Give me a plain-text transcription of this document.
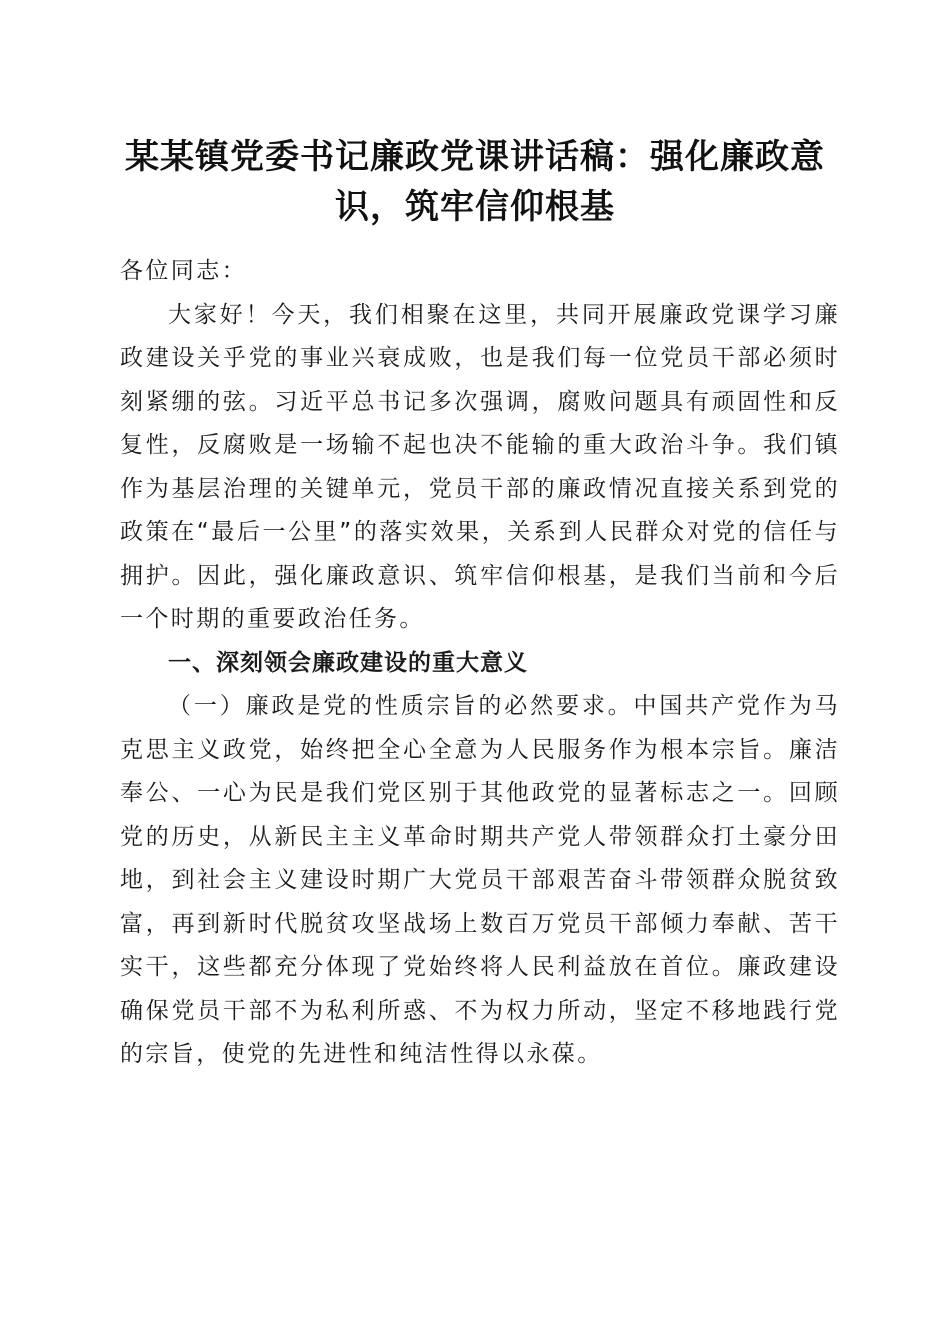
某某镇党委书记廉政党课讲话稿：强化廉政意识，筑牢信仰根基

各位同志：

大家好！今天，我们相聚在这里，共同开展廉政党课学习廉政建设关乎党的事业兴衰成败，也是我们每一位党员干部必须时刻紧绷的弦。习近平总书记多次强调，腐败问题具有顽固性和反复性，反腐败是一场输不起也决不能输的重大政治斗争。我们镇作为基层治理的关键单元，党员干部的廉政情况直接关系到党的政策在“最后一公里”的落实效果，关系到人民群众对党的信任与拥护。因此，强化廉政意识、筑牢信仰根基，是我们当前和今后一个时期的重要政治任务。

一、深刻领会廉政建设的重大意义

（一）廉政是党的性质宗旨的必然要求。中国共产党作为马克思主义政党，始终把全心全意为人民服务作为根本宗旨。廉洁奉公、一心为民是我们党区别于其他政党的显著标志之一。回顾党的历史，从新民主主义革命时期共产党人带领群众打土豪分田地，到社会主义建设时期广大党员干部艰苦奋斗带领群众脱贫致富，再到新时代脱贫攻坚战场上数百万党员干部倾力奉献、苦干实干，这些都充分体现了党始终将人民利益放在首位。廉政建设确保党员干部不为私利所惑、不为权力所动，坚定不移地践行党的宗旨，使党的先进性和纯洁性得以永葆。
